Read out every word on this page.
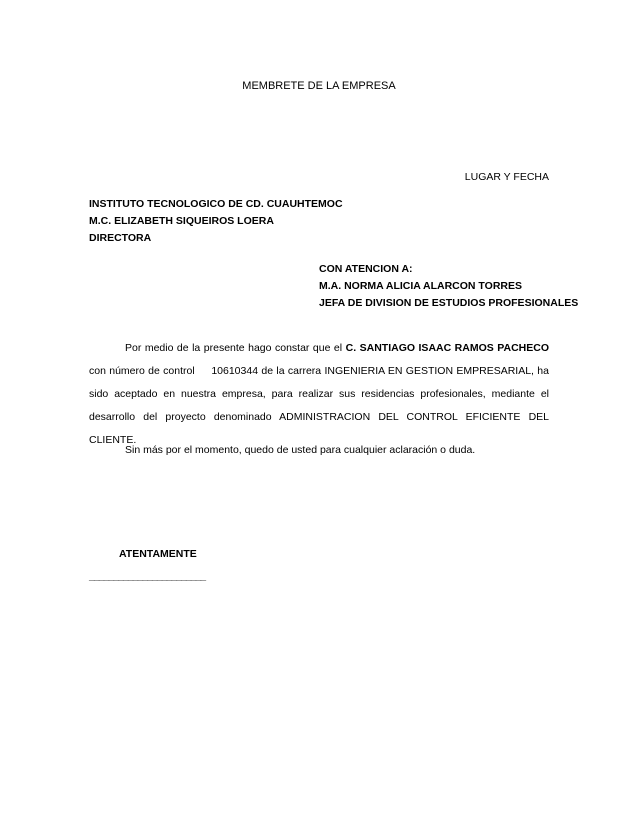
MEMBRETE DE LA EMPRESA
LUGAR Y FECHA
INSTITUTO TECNOLOGICO DE CD. CUAUHTEMOC
M.C. ELIZABETH SIQUEIROS LOERA
DIRECTORA
CON ATENCION A:
M.A. NORMA ALICIA ALARCON TORRES
JEFA DE DIVISION DE ESTUDIOS PROFESIONALES
Por medio de la presente hago constar que el C. SANTIAGO ISAAC RAMOS PACHECO con número de control 10610344 de la carrera INGENIERIA EN GESTION EMPRESARIAL, ha sido aceptado en nuestra empresa, para realizar sus residencias profesionales, mediante el desarrollo del proyecto denominado ADMINISTRACION DEL CONTROL EFICIENTE DEL CLIENTE.
Sin más por el momento, quedo de usted para cualquier aclaración o duda.
ATENTAMENTE
________________________
